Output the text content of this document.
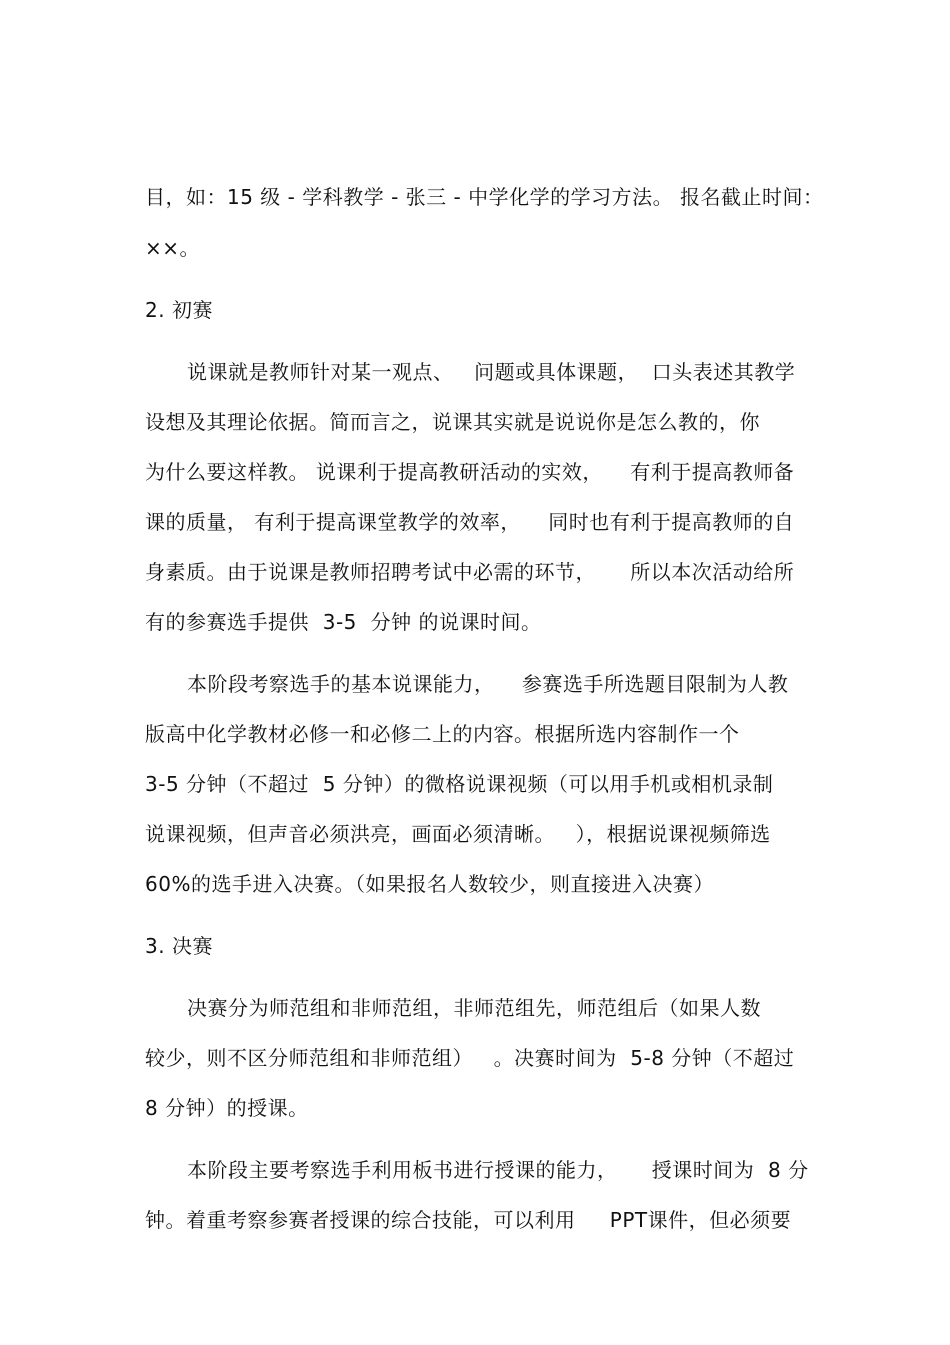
目，如：15 级 - 学科教学 - 张三 - 中学化学的学习方法。 报名截止时间：
××。
2. 初赛
说课就是教师针对某一观点、   问题或具体课题，  口头表述其教学
设想及其理论依据。简而言之，说课其实就是说说你是怎么教的，你
为什么要这样教。 说课利于提高教研活动的实效，    有利于提高教师备
课的质量， 有利于提高课堂教学的效率，    同时也有利于提高教师的自
身素质。由于说课是教师招聘考试中必需的环节，     所以本次活动给所
有的参赛选手提供  3-5  分钟 的说课时间。
本阶段考察选手的基本说课能力，    参赛选手所选题目限制为人教
版高中化学教材必修一和必修二上的内容。根据所选内容制作一个
3-5 分钟（不超过  5 分钟）的微格说课视频（可以用手机或相机录制
说课视频，但声音必须洪亮，画面必须清晰。   ），根据说课视频筛选
60%的选手进入决赛。（如果报名人数较少，则直接进入决赛）
3. 决赛
决赛分为师范组和非师范组，非师范组先，师范组后（如果人数
较少，则不区分师范组和非师范组）   。决赛时间为  5-8 分钟（不超过
8 分钟）的授课。
本阶段主要考察选手利用板书进行授课的能力，     授课时间为  8 分
钟。着重考察参赛者授课的综合技能，可以利用     PPT课件，但必须要
